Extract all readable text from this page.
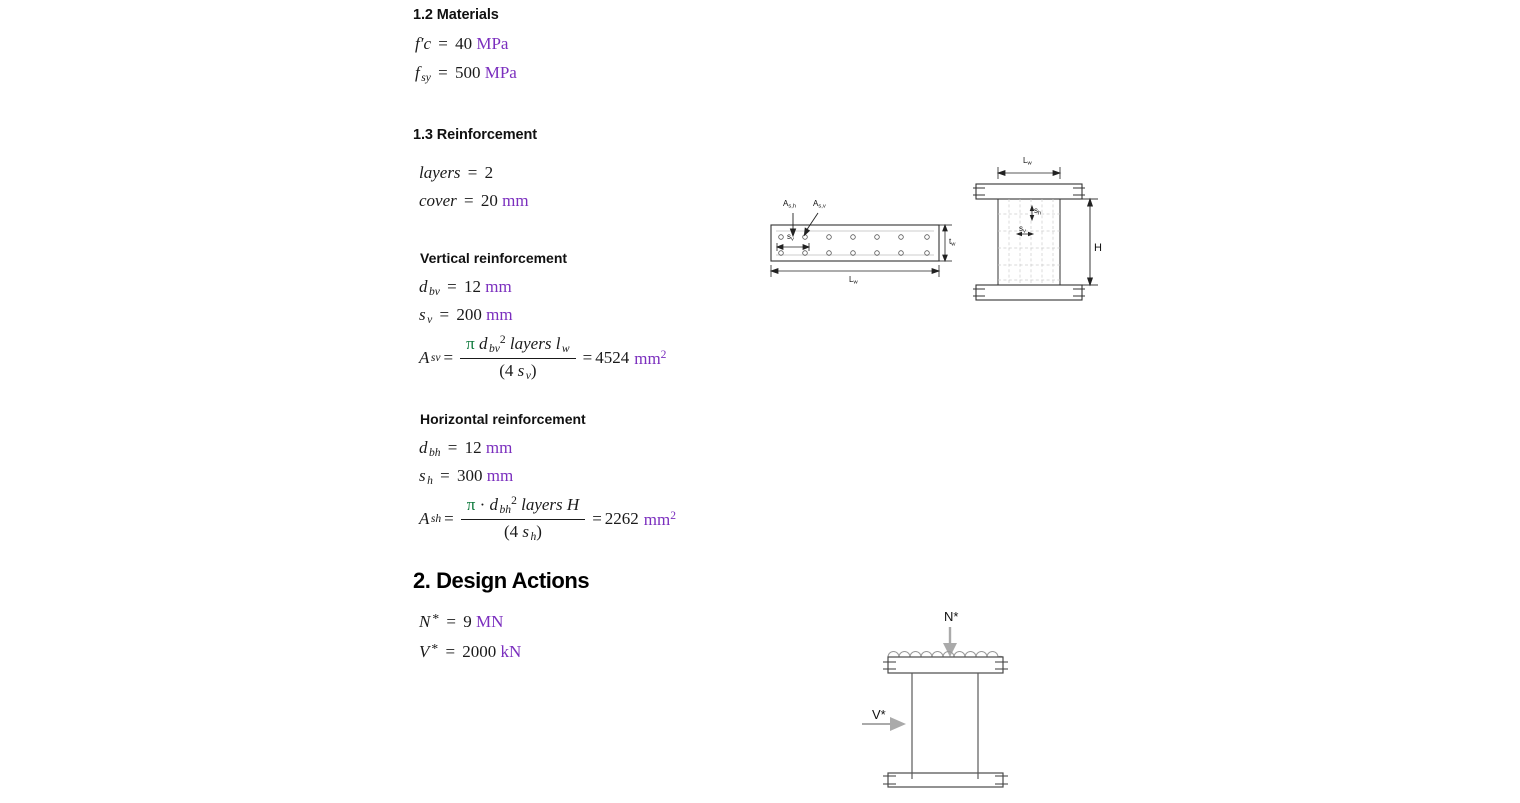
1.2 Materials
f′c = 40 MPa
f sy = 500 MPa
1.3 Reinforcement
layers = 2
cover = 20 mm
Vertical reinforcement
d bv = 12 mm
s v = 200 mm
A sv = $\frac{\pi d bv^2 layers l w}{\text{(4 s v)}} = 4524$ $mm^2$
Horizontal reinforcement
d bh = 12 mm
s h = 300 mm
A sh = $\frac{\pi \cdot d bh^2 layers H}{\text{(4 s h)}} = 2262$ $mm^2$
2. Design Actions
N * = 9 MN
V * = 2000 kN
$A_{s,h}$ $A_{s,v}$
$s_v$	$t_w$
$L_w$
$L_w$
$s_h$
$s_v$
H
N*
V*
